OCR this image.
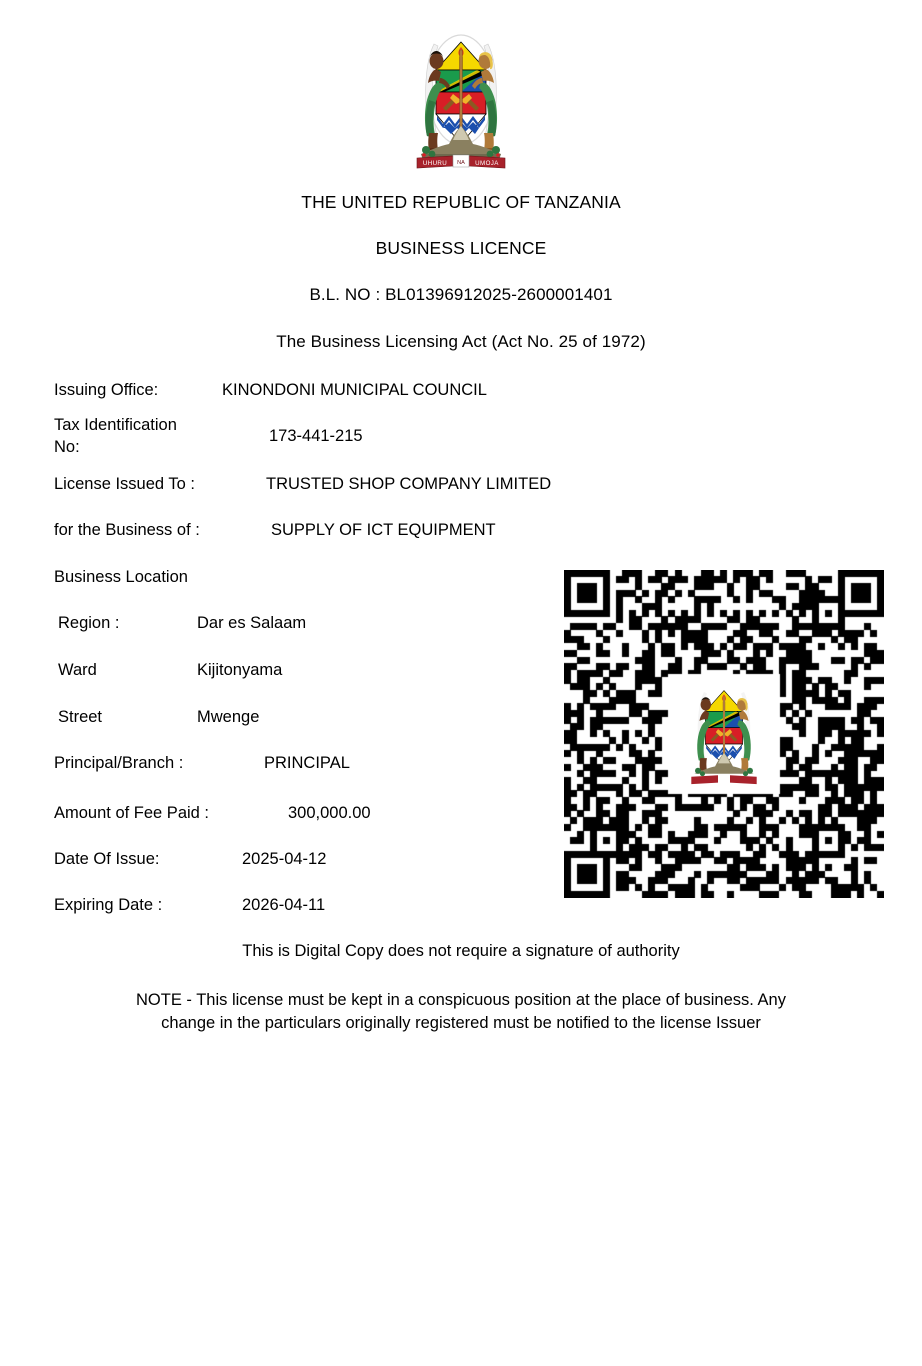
UHURU NA UMOJA
THE UNITED REPUBLIC OF TANZANIA
BUSINESS LICENCE
B.L. NO : BL01396912025-2600001401
The Business Licensing Act (Act No. 25 of 1972)
Issuing Office:	KINONDONI MUNICIPAL COUNCIL
Tax Identification No:
173-441-215
License Issued To :	TRUSTED SHOP COMPANY LIMITED
for the Business of :	SUPPLY OF ICT EQUIPMENT
Business Location
Region :	Dar es Salaam
Ward	Kijitonyama
Street	Mwenge
Principal/Branch :	PRINCIPAL
Amount of Fee Paid :	300,000.00
Date Of Issue:	2025-04-12
Expiring Date :	2026-04-11
This is Digital Copy does not require a signature of authority
NOTE - This license must be kept in a conspicuous position at the place of business. Any change in the particulars originally registered must be notified to the license Issuer
